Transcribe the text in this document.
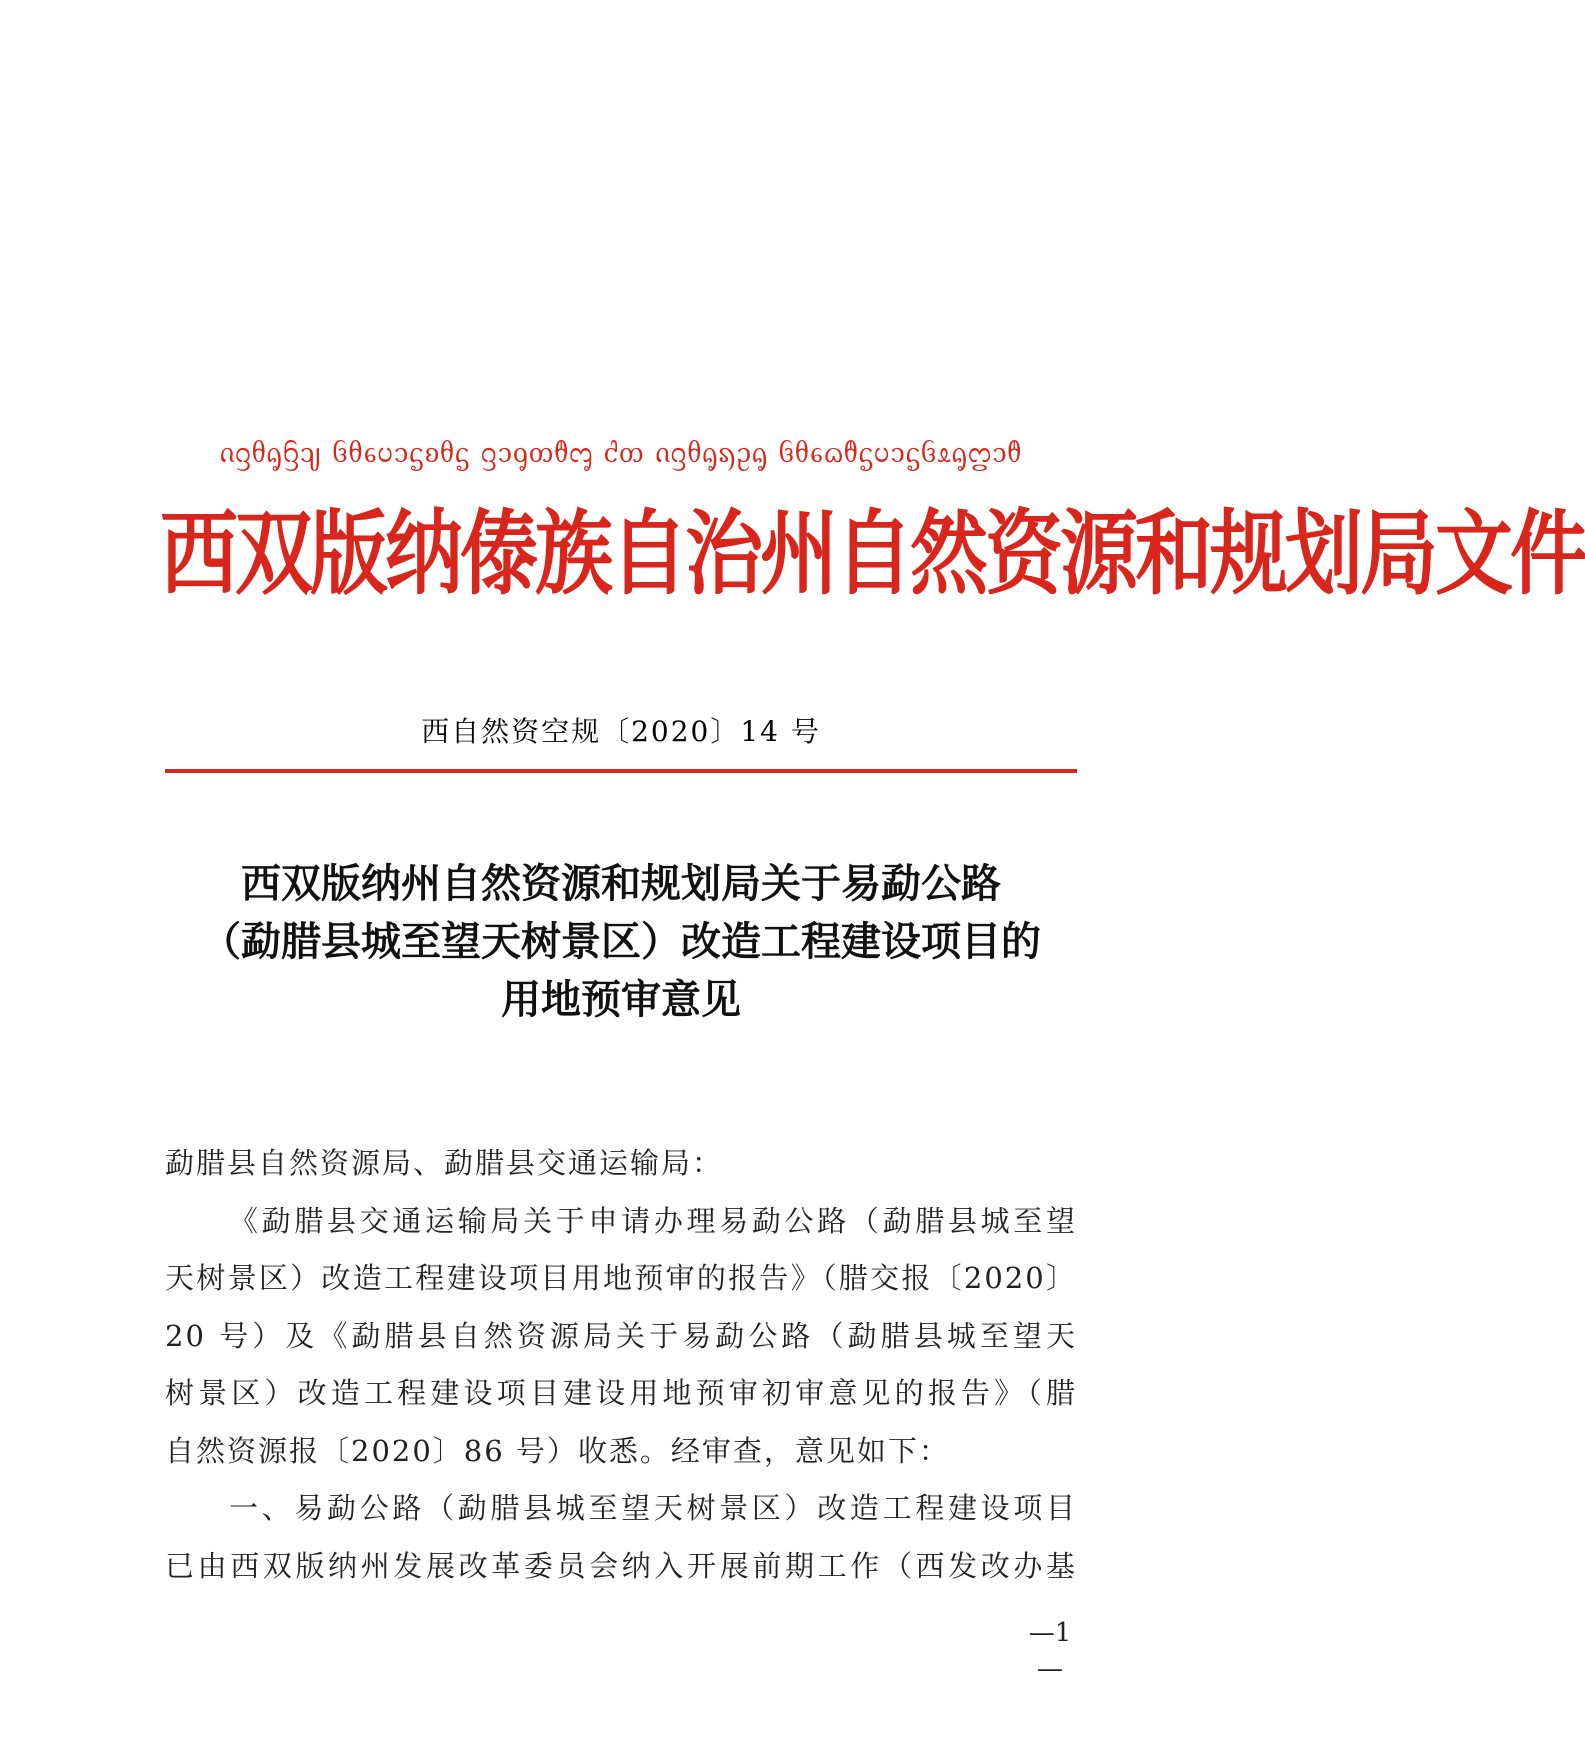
ᦵᦋᦲᧂᦌᦻ ᦑᦲᧈᦢᦱᧃᦈᦲᧃ ᦋᦱᧁᦎᦹᧅ ᦺᦎ ᦵᦋᦲᧂᦣᦳᧂ ᦑᦲᧈᦒᦹᧃᦢᦱᧃᦑᦸᧂᦦᦱᦹ
西双版纳傣族自治州自然资源和规划局文件
西自然资空规〔2020〕14 号
西双版纳州自然资源和规划局关于易勐公路
（勐腊县城至望天树景区）改造工程建设项目的
用地预审意见
勐腊县自然资源局、勐腊县交通运输局：
《勐腊县交通运输局关于申请办理易勐公路（勐腊县城至望
天树景区）改造工程建设项目用地预审的报告》（腊交报〔2020〕
20 号）及《勐腊县自然资源局关于易勐公路（勐腊县城至望天
树景区）改造工程建设项目建设用地预审初审意见的报告》（腊
自然资源报〔2020〕86 号）收悉。经审查，意见如下：
一、易勐公路（勐腊县城至望天树景区）改造工程建设项目
已由西双版纳州发展改革委员会纳入开展前期工作（西发改办基
—1—
